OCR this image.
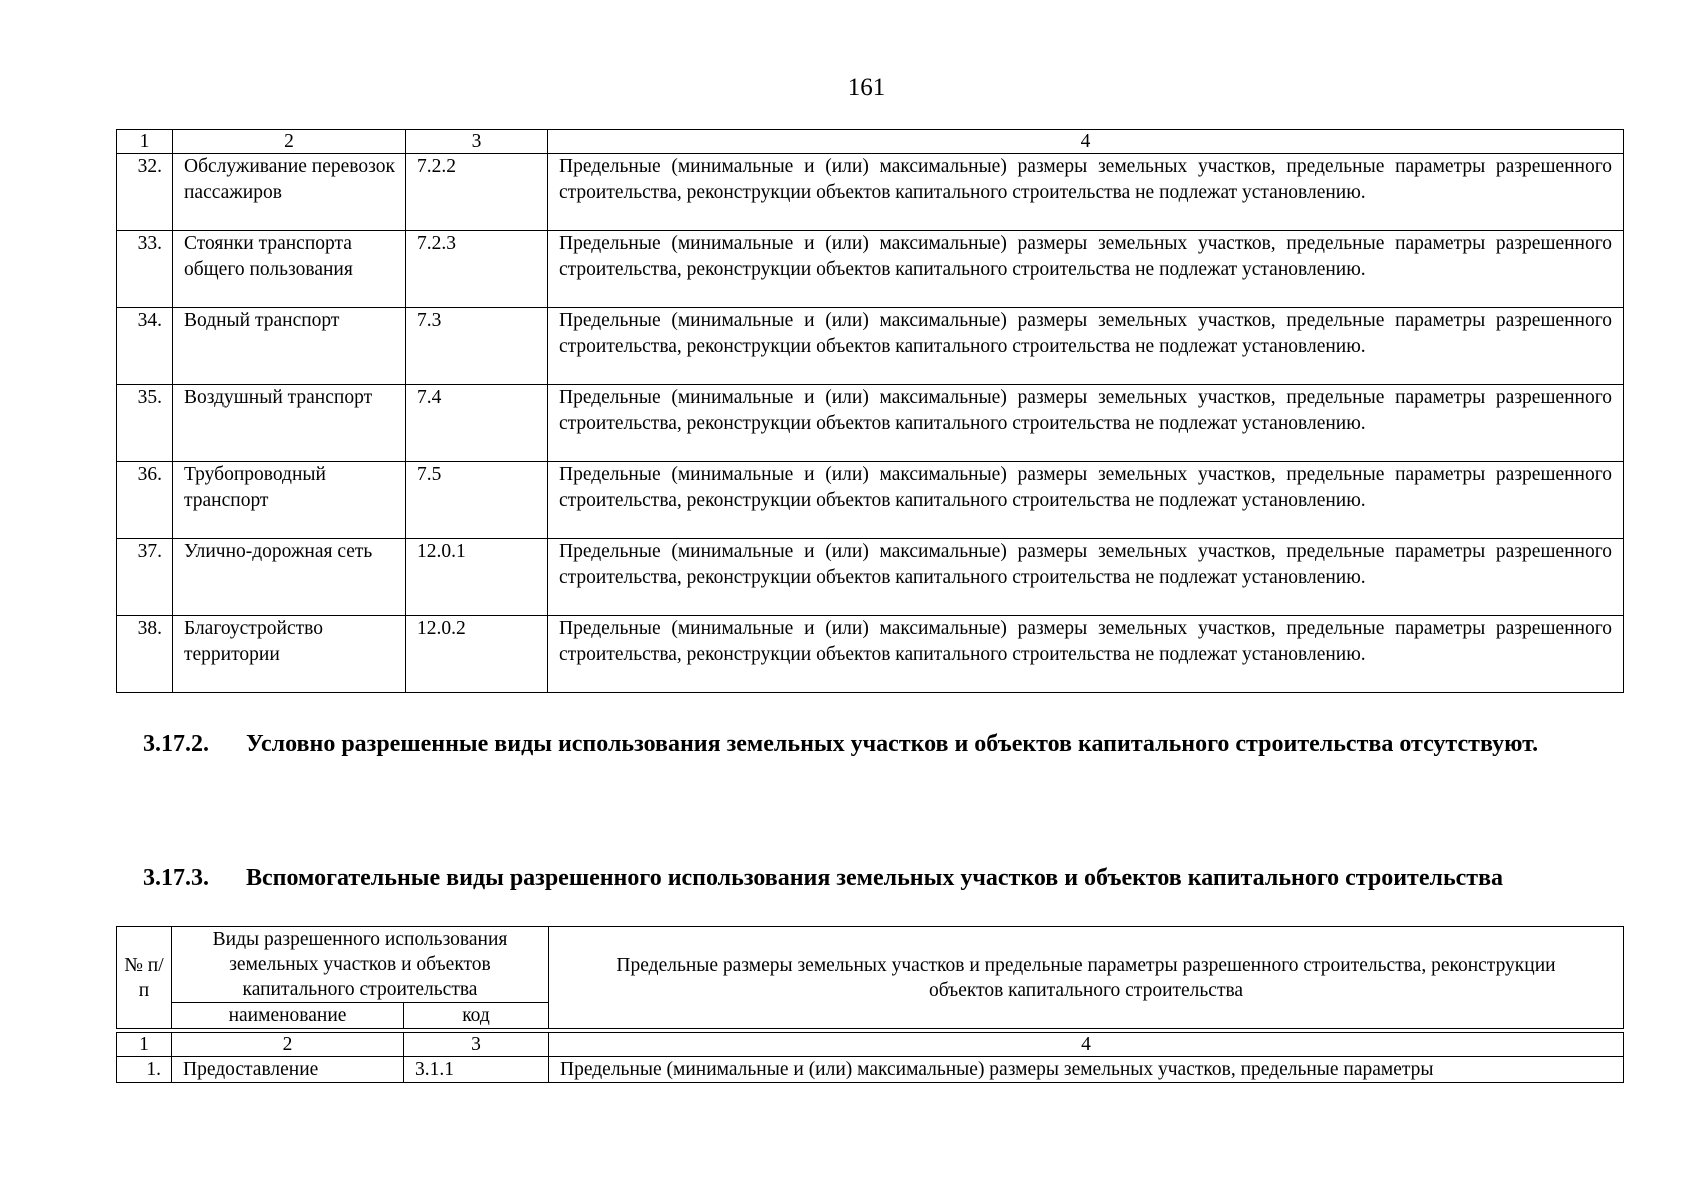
161
1	2	3	4
32.	Обслуживание перевозок пассажиров	7.2.2	Предельные (минимальные и (или) максимальные) размеры земельных участков, предельные параметры разрешенного строительства, реконструкции объектов капитального строительства не подлежат установлению.
33.	Стоянки транспорта общего пользования	7.2.3	Предельные (минимальные и (или) максимальные) размеры земельных участков, предельные параметры разрешенного строительства, реконструкции объектов капитального строительства не подлежат установлению.
34.	Водный транспорт	7.3	Предельные (минимальные и (или) максимальные) размеры земельных участков, предельные параметры разрешенного строительства, реконструкции объектов капитального строительства не подлежат установлению.
35.	Воздушный транспорт	7.4	Предельные (минимальные и (или) максимальные) размеры земельных участков, предельные параметры разрешенного строительства, реконструкции объектов капитального строительства не подлежат установлению.
36.	Трубопроводный транспорт	7.5	Предельные (минимальные и (или) максимальные) размеры земельных участков, предельные параметры разрешенного строительства, реконструкции объектов капитального строительства не подлежат установлению.
37.	Улично-дорожная сеть	12.0.1	Предельные (минимальные и (или) максимальные) размеры земельных участков, предельные параметры разрешенного строительства, реконструкции объектов капитального строительства не подлежат установлению.
38.	Благоустройство территории	12.0.2	Предельные (минимальные и (или) максимальные) размеры земельных участков, предельные параметры разрешенного строительства, реконструкции объектов капитального строительства не подлежат установлению.
3.17.2. Условно разрешенные виды использования земельных участков и объектов капитального строительства отсутствуют.
3.17.3. Вспомогательные виды разрешенного использования земельных участков и объектов капитального строительства
№ п/п	Виды разрешенного использования земельных участков и объектов капитального строительства		Предельные размеры земельных участков и предельные параметры разрешенного строительства, реконструкции объектов капитального строительства
	наименование	код	

1	2	3	4
1.	Предоставление	3.1.1	Предельные (минимальные и (или) максимальные) размеры земельных участков, предельные параметры
